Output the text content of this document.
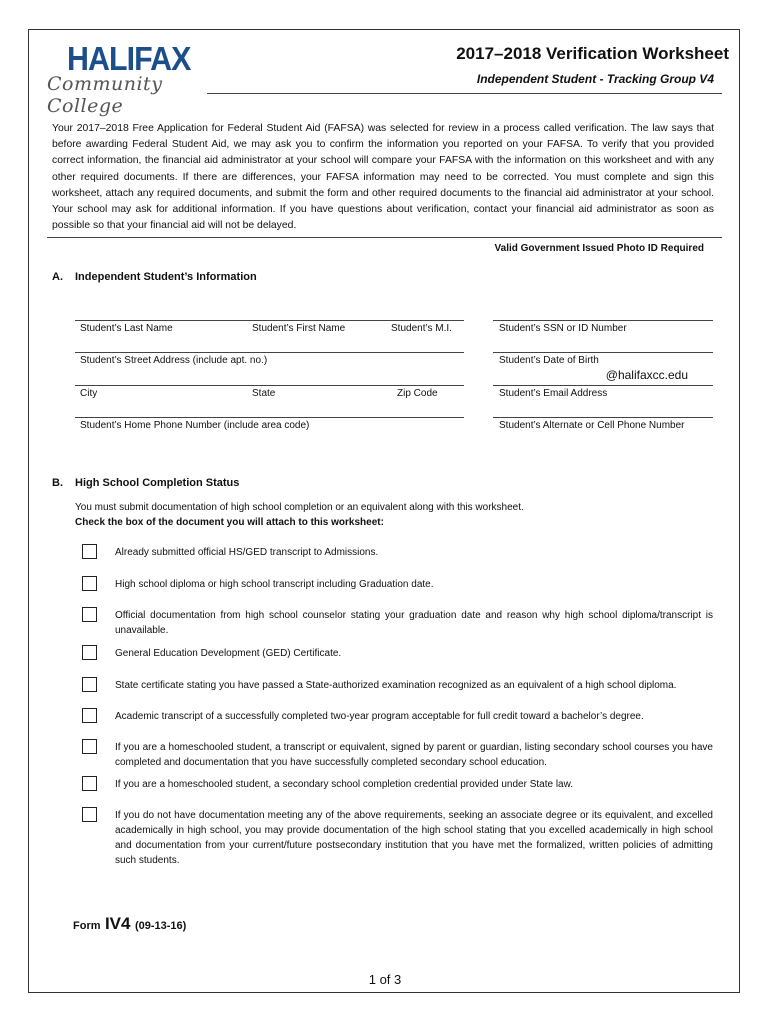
HALIFAX
Community College
2017–2018 Verification Worksheet
Independent Student - Tracking Group V4
Your 2017–2018 Free Application for Federal Student Aid (FAFSA) was selected for review in a process called verification. The law says that before awarding Federal Student Aid, we may ask you to confirm the information you reported on your FAFSA. To verify that you provided correct information, the financial aid administrator at your school will compare your FAFSA with the information on this worksheet and with any other required documents. If there are differences, your FAFSA information may need to be corrected. You must complete and sign this worksheet, attach any required documents, and submit the form and other required documents to the financial aid administrator at your school. Your school may ask for additional information. If you have questions about verification, contact your financial aid administrator as soon as possible so that your financial aid will not be delayed.
Valid Government Issued Photo ID Required
A. Independent Student’s Information
Student’s Last Name	Student’s First Name	Student’s M.I.	Student’s SSN or ID Number
Student’s Street Address (include apt. no.)	Student’s Date of Birth
@halifaxcc.edu
City	State	Zip Code	Student’s Email Address
Student’s Home Phone Number (include area code)	Student’s Alternate or Cell Phone Number
B. High School Completion Status
You must submit documentation of high school completion or an equivalent along with this worksheet.
Check the box of the document you will attach to this worksheet:
Already submitted official HS/GED transcript to Admissions.
High school diploma or high school transcript including Graduation date.
Official documentation from high school counselor stating your graduation date and reason why high school diploma/transcript is unavailable.
General Education Development (GED) Certificate.
State certificate stating you have passed a State-authorized examination recognized as an equivalent of a high school diploma.
Academic transcript of a successfully completed two-year program acceptable for full credit toward a bachelor’s degree.
If you are a homeschooled student, a transcript or equivalent, signed by parent or guardian, listing secondary school courses you have completed and documentation that you have successfully completed secondary school education.
If you are a homeschooled student, a secondary school completion credential provided under State law.
If you do not have documentation meeting any of the above requirements, seeking an associate degree or its equivalent, and excelled academically in high school, you may provide documentation of the high school stating that you excelled academically in high school and documentation from your current/future postsecondary institution that you have met the formalized, written policies of admitting such students.
Form IV4 (09-13-16)
1 of 3
